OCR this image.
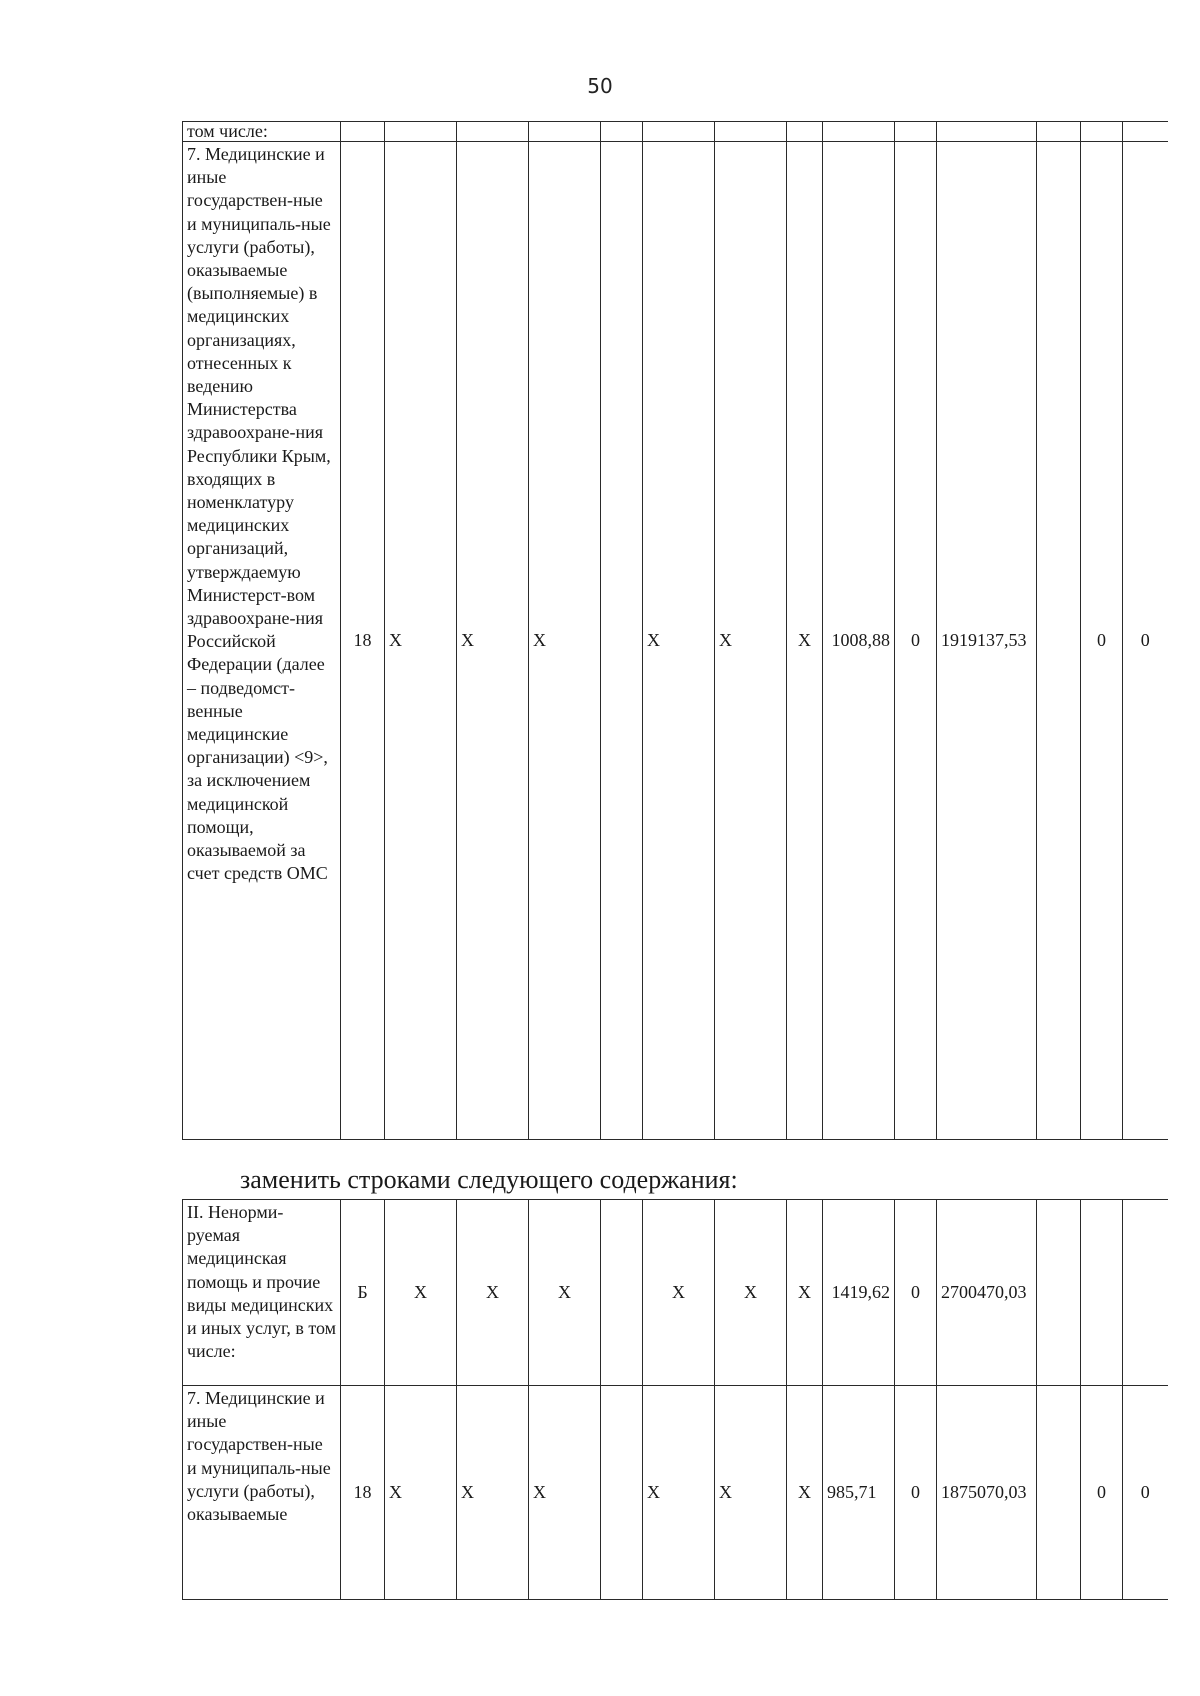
50
том числе:														
7. Медицинские и иные государствен-ные и муниципаль-ные услуги (работы), оказываемые (выполняемые) в медицинских организациях, отнесенных к ведению Министерства здравоохране-ния Республики Крым, входящих в номенклатуру медицинских организаций, утверждаемую Министерст-вом здравоохране-ния Российской Федерации (далее – подведомст-венные медицинские организации) <9>, за исключением медицинской помощи, оказываемой за счет средств ОМС	18	Х	Х	Х		Х	Х	Х	1008,88	0	1919137,53		0	0
заменить строками следующего содержания:
II. Ненорми-руемая медицинская помощь и прочие виды медицинских и иных услуг, в том числе:	Б	Х	Х	Х		Х	Х	Х	1419,62	0	2700470,03			
7. Медицинские и иные государствен-ные и муниципаль-ные услуги (работы), оказываемые	18	Х	Х	Х		Х	Х	Х	985,71	0	1875070,03		0	0
